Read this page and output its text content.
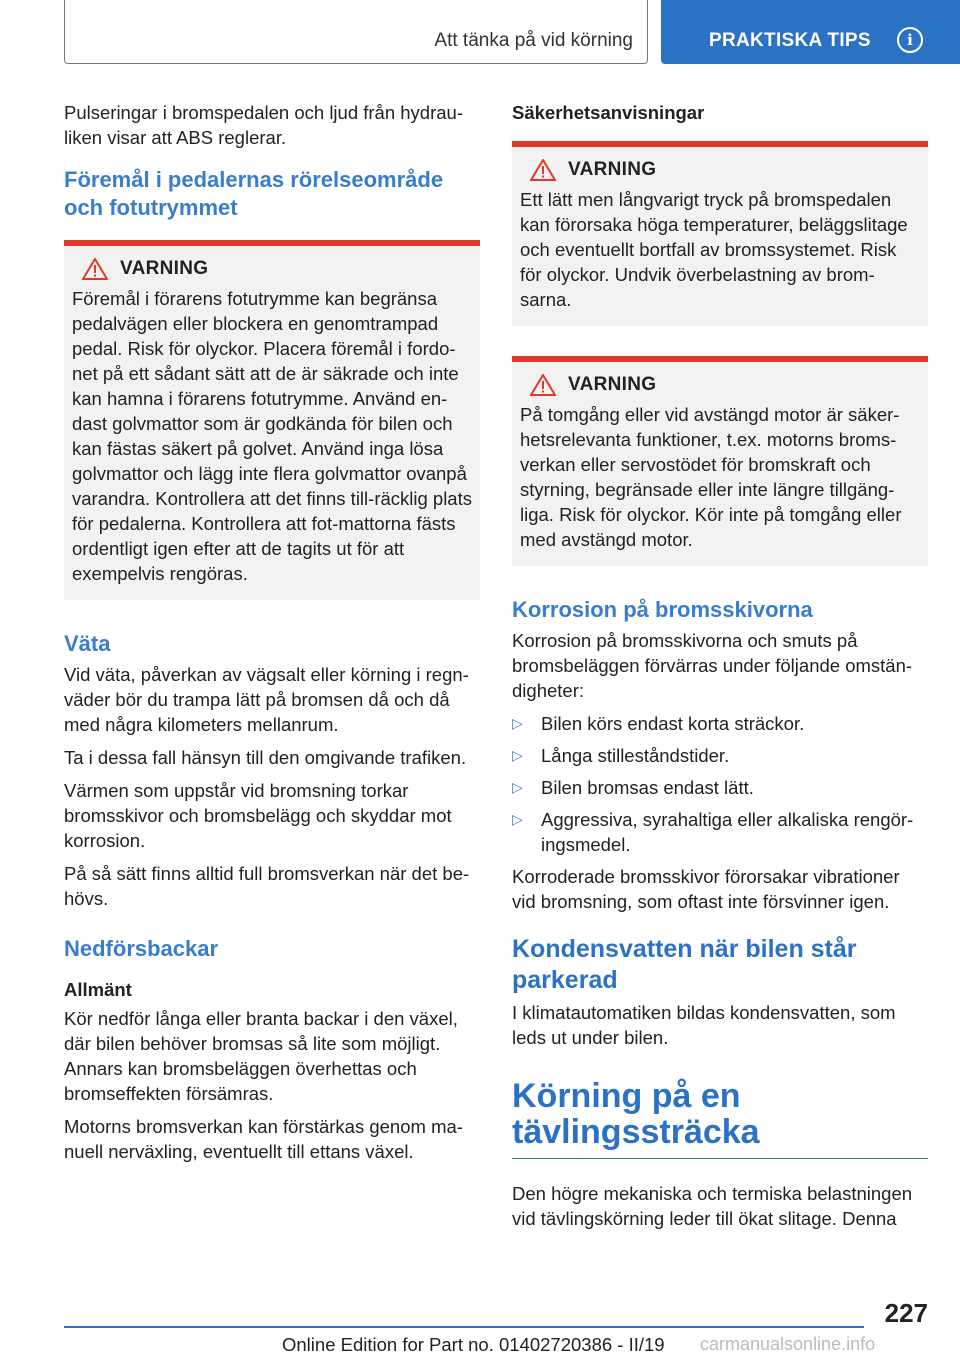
Att tänka på vid körning	PRAKTISKA TIPS	i

Pulseringar i bromspedalen och ljud från hydrau-liken visar att ABS reglerar.

Föremål i pedalernas rörelseområde och fotutrymmet
VARNING

Föremål i förarens fotutrymme kan begränsa pedalvägen eller blockera en genomtrampad pedal. Risk för olyckor. Placera föremål i fordo-net på ett sådant sätt att de är säkrade och inte kan hamna i förarens fotutrymme. Använd en-dast golvmattor som är godkända för bilen och kan fästas säkert på golvet. Använd inga lösa golvmattor och lägg inte flera golvmattor ovanpå varandra. Kontrollera att det finns till-räcklig plats för pedalerna. Kontrollera att fot-mattorna fästs ordentligt igen efter att de tagits ut för att exempelvis rengöras.

Väta

Vid väta, påverkan av vägsalt eller körning i regn-väder bör du trampa lätt på bromsen då och då med några kilometers mellanrum.

Ta i dessa fall hänsyn till den omgivande trafiken.

Värmen som uppstår vid bromsning torkar bromsskivor och bromsbelägg och skyddar mot korrosion.

På så sätt finns alltid full bromsverkan när det be-hövs.

Nedförsbackar
Allmänt

Kör nedför långa eller branta backar i den växel, där bilen behöver bromsas så lite som möjligt. Annars kan bromsbeläggen överhettas och bromseffekten försämras.

Motorns bromsverkan kan förstärkas genom ma-nuell nerväxling, eventuellt till ettans växel.

Säkerhetsanvisningar
VARNING

Ett lätt men långvarigt tryck på bromspedalen kan förorsaka höga temperaturer, beläggslitage och eventuellt bortfall av bromssystemet. Risk för olyckor. Undvik överbelastning av brom-sarna.

VARNING

På tomgång eller vid avstängd motor är säker-hetsrelevanta funktioner, t.ex. motorns broms-verkan eller servostödet för bromskraft och styrning, begränsade eller inte längre tillgäng-liga. Risk för olyckor. Kör inte på tomgång eller med avstängd motor.

Korrosion på bromsskivorna

Korrosion på bromsskivorna och smuts på bromsbeläggen förvärras under följande omstän-digheter:

▷ Bilen körs endast korta sträckor.
▷ Långa stilleståndstider.
▷ Bilen bromsas endast lätt.
▷ Aggressiva, syrahaltiga eller alkaliska rengör-ingsmedel.

Korroderade bromsskivor förorsakar vibrationer vid bromsning, som oftast inte försvinner igen.

Kondensvatten när bilen står parkerad

I klimatautomatiken bildas kondensvatten, som leds ut under bilen.

Körning på en tävlingssträcka

Den högre mekaniska och termiska belastningen vid tävlingskörning leder till ökat slitage. Denna

227
Online Edition for Part no. 01402720386 - II/19 carmanualsonline.info
